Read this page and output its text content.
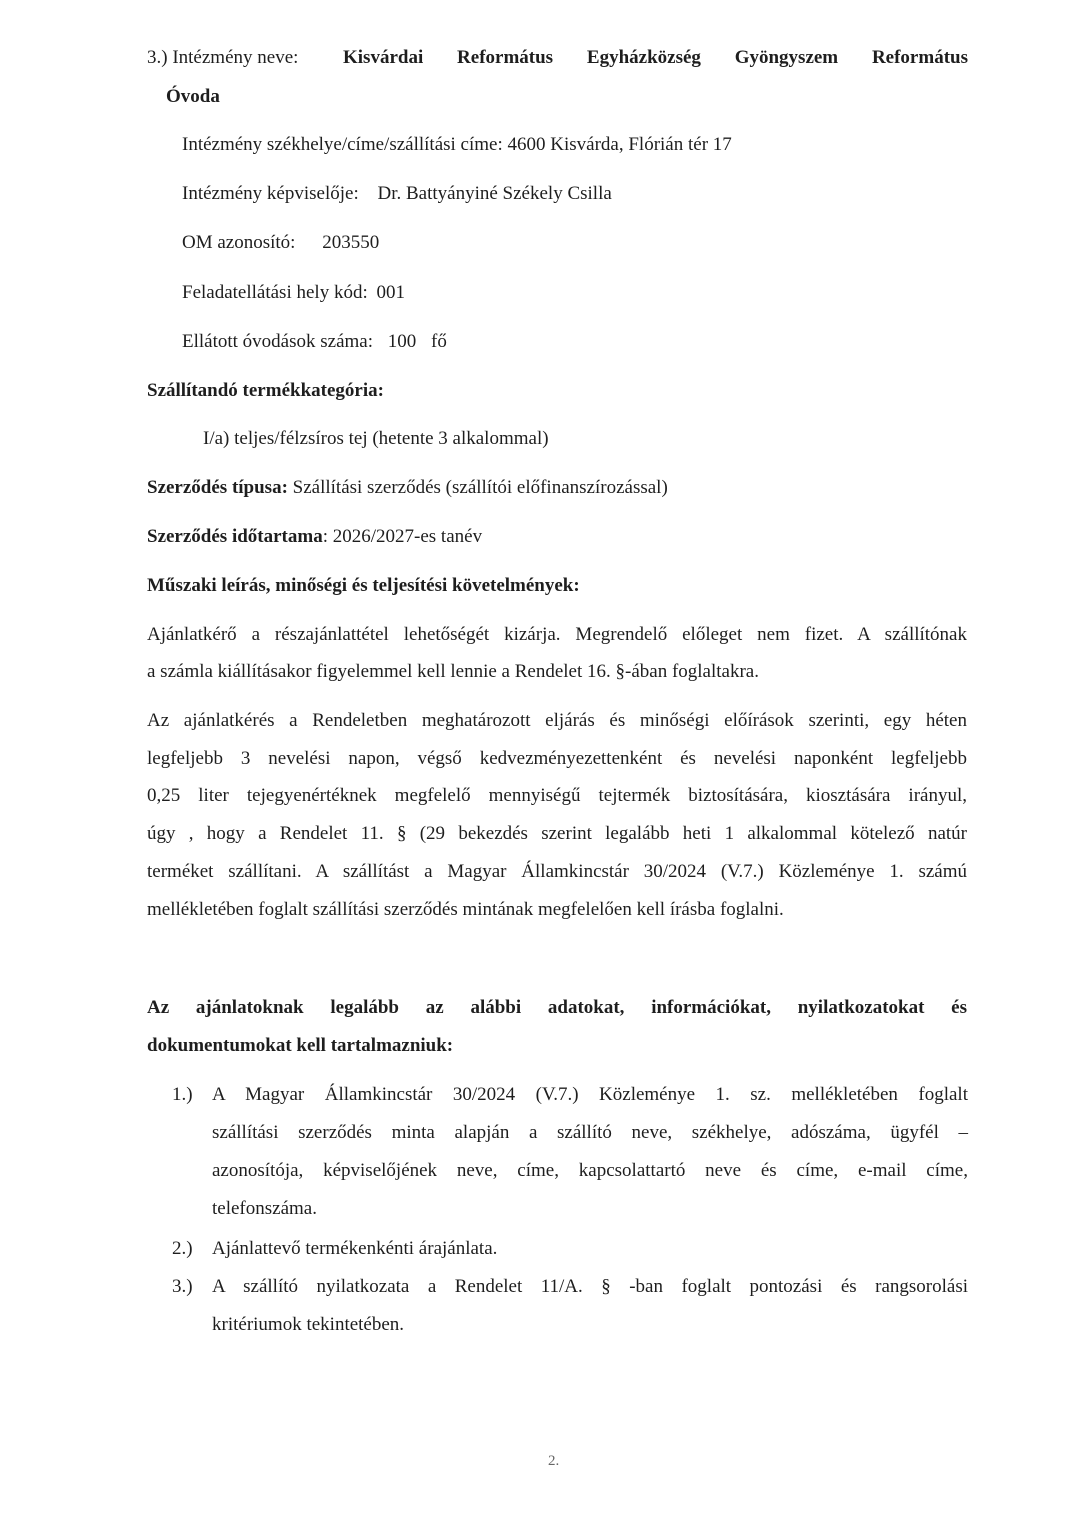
3.) Intézmény neve: Kisvárdai Református Egyházközség Gyöngyszem Református
Óvoda
Intézmény székhelye/címe/szállítási címe: 4600 Kisvárda, Flórián tér 17
Intézmény képviselője: Dr. Battyányiné Székely Csilla
OM azonosító: 203550
Feladatellátási hely kód: 001
Ellátott óvodások száma: 100 fő
Szállítandó termékkategória:
I/a) teljes/félzsíros tej (hetente 3 alkalommal)
Szerződés típusa: Szállítási szerződés (szállítói előfinanszírozással)
Szerződés időtartama: 2026/2027-es tanév
Műszaki leírás, minőségi és teljesítési követelmények:
Ajánlatkérő a részajánlattétel lehetőségét kizárja. Megrendelő előleget nem fizet. A szállítónak
a számla kiállításakor figyelemmel kell lennie a Rendelet 16. §-ában foglaltakra.
Az ajánlatkérés a Rendeletben meghatározott eljárás és minőségi előírások szerinti, egy héten
legfeljebb 3 nevelési napon, végső kedvezményezettenként és nevelési naponként legfeljebb
0,25 liter tejegyenértéknek megfelelő mennyiségű tejtermék biztosítására, kiosztására irányul,
úgy , hogy a Rendelet 11. § (29 bekezdés szerint legalább heti 1 alkalommal kötelező natúr
terméket szállítani. A szállítást a Magyar Államkincstár 30/2024 (V.7.) Közleménye 1. számú
mellékletében foglalt szállítási szerződés mintának megfelelően kell írásba foglalni.
Az ajánlatoknak legalább az alábbi adatokat, információkat, nyilatkozatokat és
dokumentumokat kell tartalmazniuk:
1.) A Magyar Államkincstár 30/2024 (V.7.) Közleménye 1. sz. mellékletében foglalt
szállítási szerződés minta alapján a szállító neve, székhelye, adószáma, ügyfél –
azonosítója, képviselőjének neve, címe, kapcsolattartó neve és címe, e-mail címe,
telefonszáma.
2.) Ajánlattevő termékenkénti árajánlata.
3.) A szállító nyilatkozata a Rendelet 11/A. § -ban foglalt pontozási és rangsorolási
kritériumok tekintetében.
2.
